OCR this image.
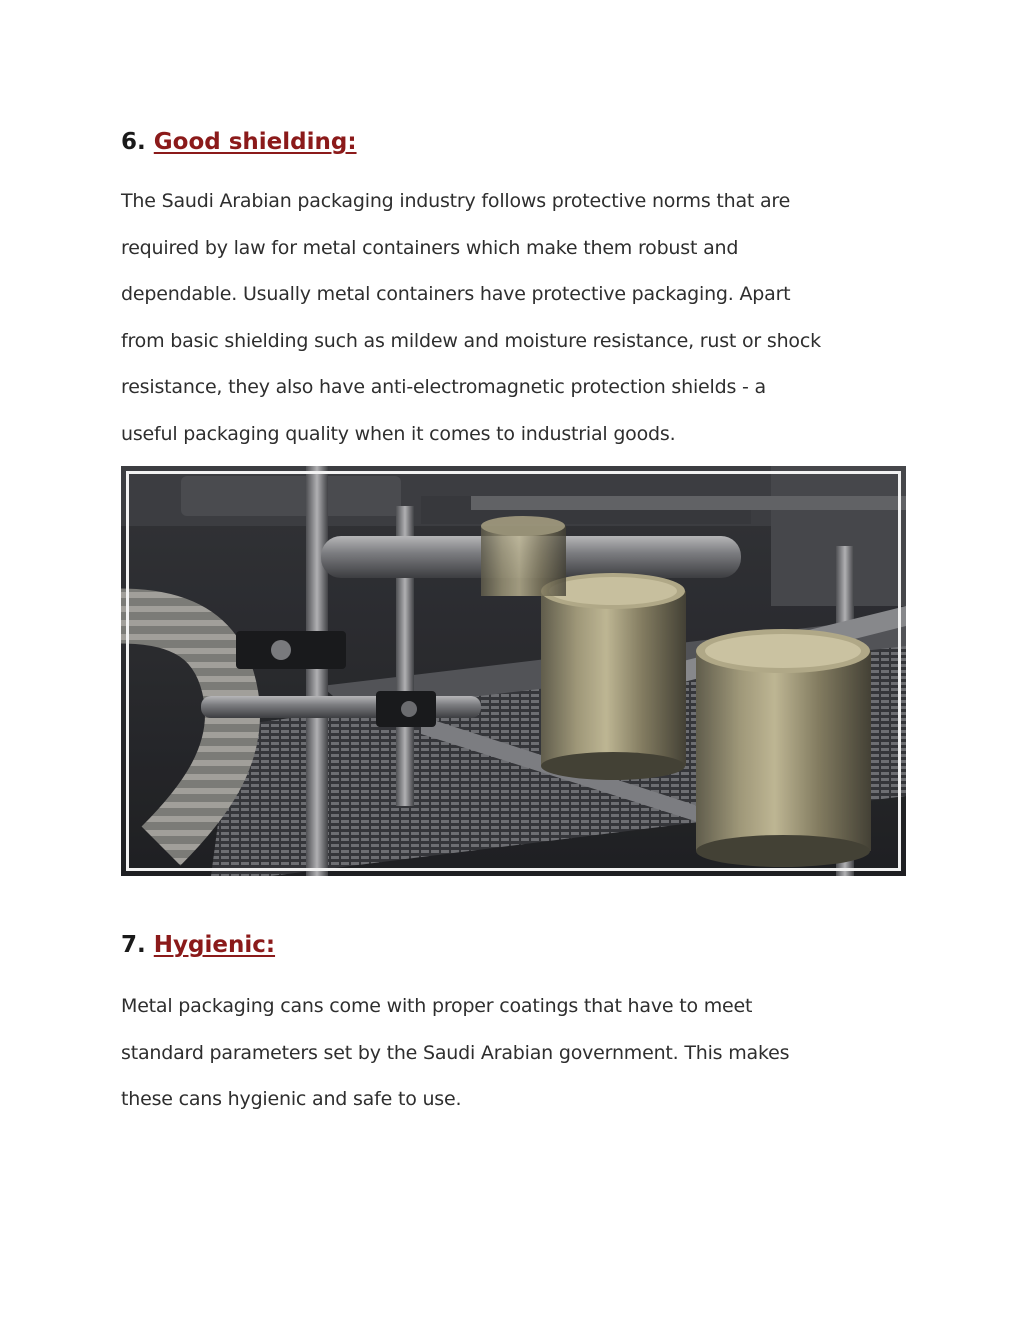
6. Good shielding:
The Saudi Arabian packaging industry follows protective norms that are
required by law for metal containers which make them robust and
dependable. Usually metal containers have protective packaging. Apart
from basic shielding such as mildew and moisture resistance, rust or shock
resistance, they also have anti-electromagnetic protection shields - a
useful packaging quality when it comes to industrial goods.
7. Hygienic:
Metal packaging cans come with proper coatings that have to meet
standard parameters set by the Saudi Arabian government. This makes
these cans hygienic and safe to use.
